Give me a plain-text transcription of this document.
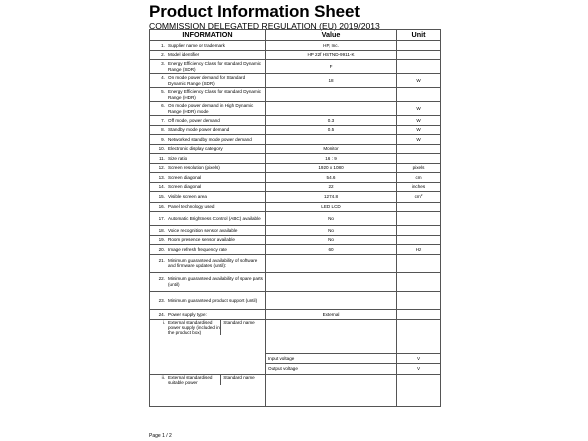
Product Information Sheet
COMMISSION DELEGATED REGULATION (EU) 2019/2013
INFORMATION	Value	Unit

1. Supplier name or trademark	HP, Inc.	

2. Model identifier	HP 22f HSTND-9911-K	

3. Energy Efficiency Class for standard Dynamic Range (SDR)	F	

4. On mode power demand for Standard Dynamic Range (SDR)	18	W

5. Energy Efficiency Class for standard Dynamic Range (HDR)		

6. On mode power demand in High Dynamic Range (HDR) mode		W

7. Off mode, power demand	0.3	W

8. Standby mode power demand	0.5	W

9. Networked standby mode power demand		W

10. Electronic display category	Monitor	

11. Size ratio	16 : 9	

12. Screen resolution (pixels)	1920 x 1080	pixels

13. Screen diagonal	54.6	cm

14. Screen diagonal	22	inches

15. Visible screen area	1274.8	$cm^2$

16. Panel technology used	LED LCD	

17. Automatic Brightness Control (ABC) available	No	

18. Voice recognition sensor available	No	

19. Room presence sensor available	No	

20. Image refresh frequency rate	60	Hz

21. Minimum guaranteed availability of software and firmware updates (until):		

22. Minimum guaranteed availability of spare parts (until)		

23. Minimum guaranteed product support (until)		

24. Power supply type:	External	

i. External standardised power supply (included in the product box)
Standard name		

	Input voltage	V
	Output voltage	V

ii. External standardised suitable power
Standard name		

Page 1 / 2
